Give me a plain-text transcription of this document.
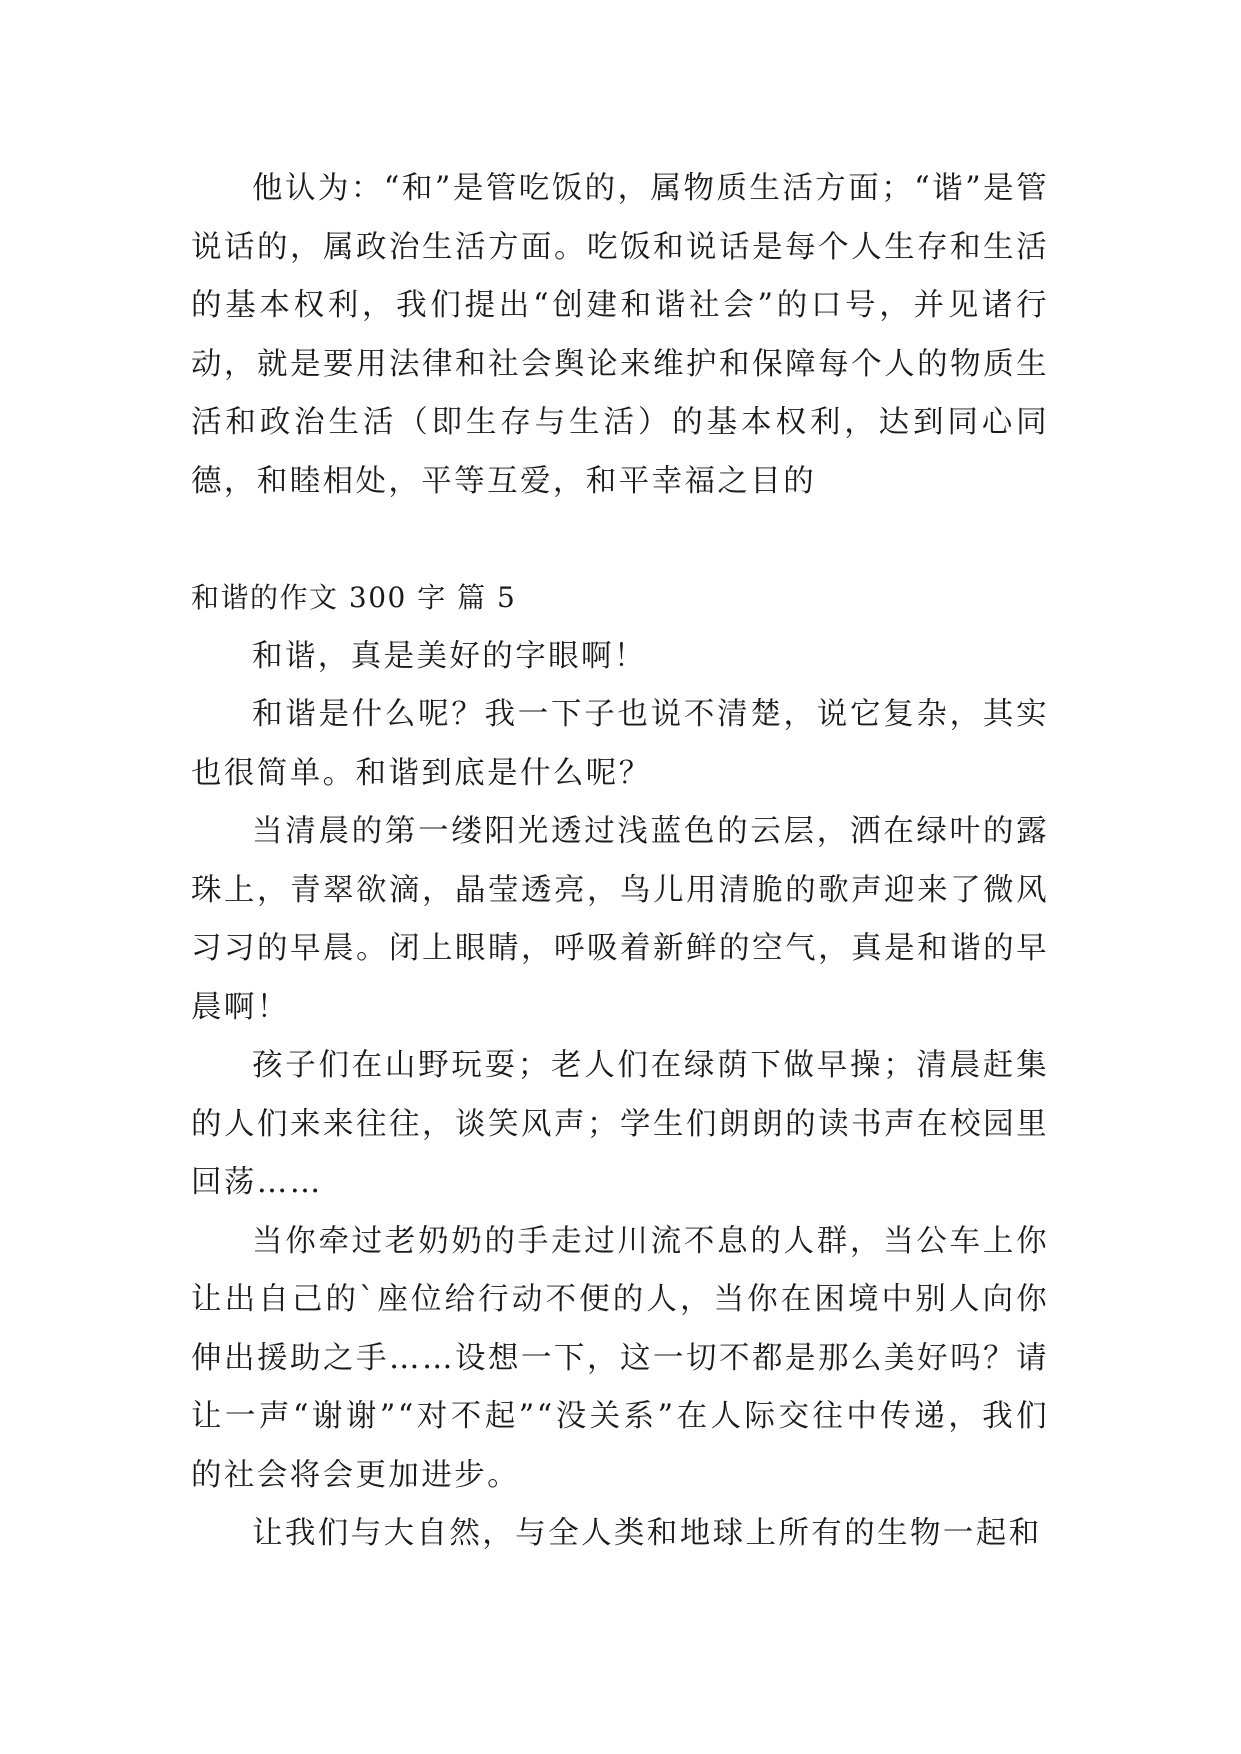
他认为：“和”是管吃饭的，属物质生活方面；“谐”是管说话的，属政治生活方面。吃饭和说话是每个人生存和生活的基本权利，我们提出“创建和谐社会”的口号，并见诸行动，就是要用法律和社会舆论来维护和保障每个人的物质生活和政治生活（即生存与生活）的基本权利，达到同心同德，和睦相处，平等互爱，和平幸福之目的

和谐的作文 300 字 篇 5

和谐，真是美好的字眼啊！

和谐是什么呢？我一下子也说不清楚，说它复杂，其实也很简单。和谐到底是什么呢？

当清晨的第一缕阳光透过浅蓝色的云层，洒在绿叶的露珠上，青翠欲滴，晶莹透亮，鸟儿用清脆的歌声迎来了微风习习的早晨。闭上眼睛，呼吸着新鲜的空气，真是和谐的早晨啊！

孩子们在山野玩耍；老人们在绿荫下做早操；清晨赶集的人们来来往往，谈笑风声；学生们朗朗的读书声在校园里回荡……

当你牵过老奶奶的手走过川流不息的人群，当公车上你让出自己的`座位给行动不便的人，当你在困境中别人向你伸出援助之手……设想一下，这一切不都是那么美好吗？请让一声“谢谢”“对不起”“没关系”在人际交往中传递，我们的社会将会更加进步。

让我们与大自然，与全人类和地球上所有的生物一起和
